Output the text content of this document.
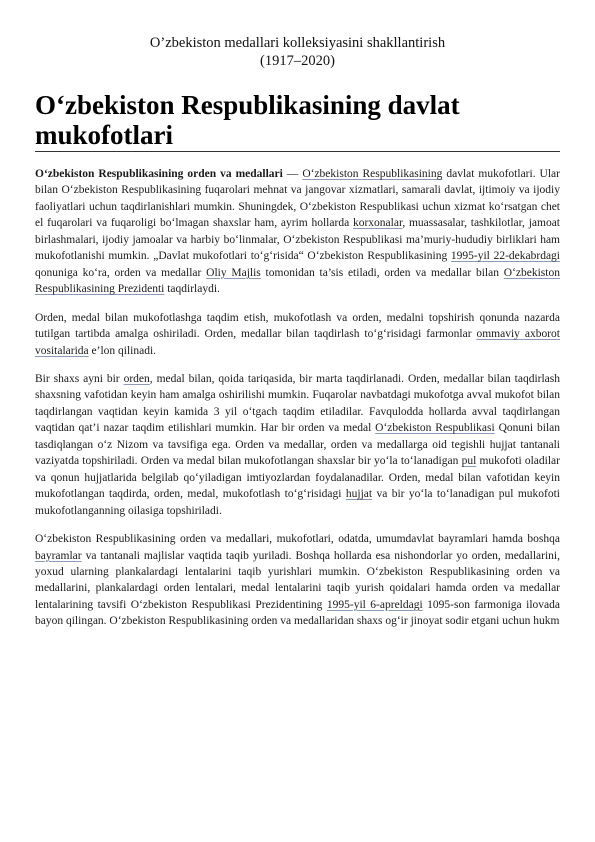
O’zbekiston medallari kolleksiyasini shakllantirish
(1917–2020)
O‘zbekiston Respublikasining davlat mukofotlari

O‘zbekiston Respublikasining orden va medallari — O‘zbekiston Respublikasining davlat mukofotlari. Ular bilan O‘zbekiston Respublikasining fuqarolari mehnat va jangovar xizmatlari, samarali davlat, ijtimoiy va ijodiy faoliyatlari uchun taqdirlanishlari mumkin. Shuningdek, O‘zbekiston Respublikasi uchun xizmat ko‘rsatgan chet el fuqarolari va fuqaroligi bo‘lmagan shaxslar ham, ayrim hollarda korxonalar, muassasalar, tashkilotlar, jamoat birlashmalari, ijodiy jamoalar va harbiy bo‘linmalar, O‘zbekiston Respublikasi ma’muriy-hududiy birliklari ham mukofotlanishi mumkin. „Davlat mukofotlari to‘g‘risida“ O‘zbekiston Respublikasining 1995-yil 22-dekabrdagi qonuniga ko‘ra, orden va medallar Oliy Majlis tomonidan ta’sis etiladi, orden va medallar bilan O‘zbekiston Respublikasining Prezidenti taqdirlaydi.

Orden, medal bilan mukofotlashga taqdim etish, mukofotlash va orden, medalni topshirish qonunda nazarda tutilgan tartibda amalga oshiriladi. Orden, medallar bilan taqdirlash to‘g‘risidagi farmonlar ommaviy axborot vositalarida e’lon qilinadi.

Bir shaxs ayni bir orden, medal bilan, qoida tariqasida, bir marta taqdirlanadi. Orden, medallar bilan taqdirlash shaxsning vafotidan keyin ham amalga oshirilishi mumkin. Fuqarolar navbatdagi mukofotga avval mukofot bilan taqdirlangan vaqtidan keyin kamida 3 yil o‘tgach taqdim etiladilar. Favqulodda hollarda avval taqdirlangan vaqtidan qat’i nazar taqdim etilishlari mumkin. Har bir orden va medal O‘zbekiston Respublikasi Qonuni bilan tasdiqlangan o‘z Nizom va tavsifiga ega. Orden va medallar, orden va medallarga oid tegishli hujjat tantanali vaziyatda topshiriladi. Orden va medal bilan mukofotlangan shaxslar bir yo‘la to‘lanadigan pul mukofoti oladilar va qonun hujjatlarida belgilab qo‘yiladigan imtiyozlardan foydalanadilar. Orden, medal bilan vafotidan keyin mukofotlangan taqdirda, orden, medal, mukofotlash to‘g‘risidagi hujjat va bir yo‘la to‘lanadigan pul mukofoti mukofotlanganning oilasiga topshiriladi.

O‘zbekiston Respublikasining orden va medallari, mukofotlari, odatda, umumdavlat bayramlari hamda boshqa bayramlar va tantanali majlislar vaqtida taqib yuriladi. Boshqa hollarda esa nishondorlar yo orden, medallarini, yoxud ularning plankalardagi lentalarini taqib yurishlari mumkin. O‘zbekiston Respublikasining orden va medallarini, plankalardagi orden lentalari, medal lentalarini taqib yurish qoidalari hamda orden va medallar lentalarining tavsifi O‘zbekiston Respublikasi Prezidentining 1995-yil 6-apreldagi 1095-son farmoniga ilovada bayon qilingan. O‘zbekiston Respublikasining orden va medallaridan shaxs og‘ir jinoyat sodir etgani uchun hukm
